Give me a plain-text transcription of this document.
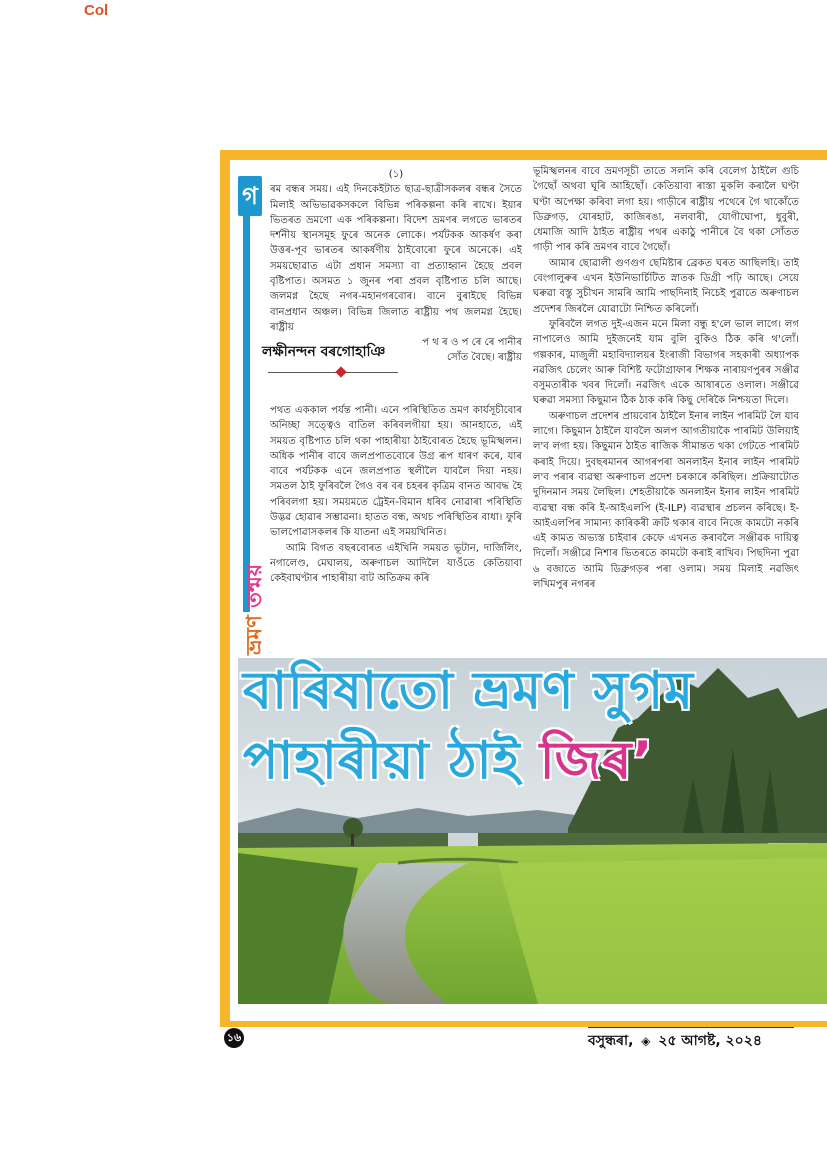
Col
গ
ভ্ৰমণ তন্ময়

(১)

ৰম বন্ধৰ সময়। এই দিনকেইটাত ছাত্ৰ-ছাত্ৰীসকলৰ বন্ধৰ সৈতে মিলাই অভিভাৱকসকলে বিভিন্ন পৰিকল্পনা কৰি ৰাখে। ইয়াৰ ভিতৰত ভ্ৰমণো এক পৰিকল্পনা। বিদেশ ভ্ৰমণৰ লগতে ভাৰতৰ দৰ্শনীয় স্থানসমূহ ফুৰে অনেক লোকে। পৰ্যটকক আকৰ্ষণ কৰা উত্তৰ-পূব ভাৰতৰ আকৰ্ষণীয় ঠাইবোৰো ফুৰে অনেকে। এই সময়ছোৱাত এটা প্ৰধান সমস্যা বা প্ৰত্যাহ্বান হৈছে প্ৰবল বৃষ্টিপাত। অসমত ১ জুনৰ পৰা প্ৰবল বৃষ্টিপাত চলি আছে। জলমগ্ন হৈছে নগৰ-মহানগৰবোৰ। বানে বুৰাইছে বিভিন্ন বানপ্ৰধান অঞ্চল। বিভিন্ন জিলাত ৰাষ্ট্ৰীয় পথ জলমগ্ন হৈছে। ৰাষ্ট্ৰীয়

লক্ষীনন্দন বৰগোহাঞি

প থ ৰ ও প ৰে ৰে পানীৰ সোঁত বৈছে। ৰাষ্ট্ৰীয়

পথত এককাল পৰ্যন্ত পানী। এনে পৰিস্থিতিত ভ্ৰমণ কাৰ্যসূচীবোৰ অনিচ্ছা সত্ত্বেও বাতিল কৰিবলগীয়া হয়। আনহাতে, এই সময়ত বৃষ্টিপাত চলি থকা পাহাৰীয়া ঠাইবোৰত হৈছে ভূমিস্খলন। অধিক পানীৰ বাবে জলপ্ৰপাতবোৰে উগ্ৰ ৰূপ ধাৰণ কৰে, যাৰ বাবে পৰ্যটকক এনে জলপ্ৰপাত স্থলীলৈ যাবলৈ দিয়া নহয়। সমতল ঠাই ফুৰিবলৈ গৈও বৰ বৰ চহৰৰ কৃত্ৰিম বানত আবদ্ধ হৈ পৰিবলগা হয়। সময়মতে ট্ৰেইন-বিমান ধৰিব নোৱাৰা পৰিস্থিতি উদ্ভৱ হোৱাৰ সম্ভাৱনা। হাতত বন্ধ, অথচ পৰিস্থিতিৰ বাধা। ফুৰি ভালপোৱাসকলৰ কি যাতনা এই সময়খিনিত।

আমি বিগত বছৰবোৰত এইখিনি সময়ত ভূটান, দাৰ্জিলিং, নগালেণ্ড, মেঘালয়, অৰুণাচল আদিলৈ যাওঁতে কেতিয়াবা কেইবাঘণ্টাৰ পাহাৰীয়া বাট অতিক্ৰম কৰি

ভূমিস্খলনৰ বাবে ভ্ৰমণসূচী তাতে সলনি কৰি বেলেগ ঠাইলৈ গুচি গৈছোঁ অথবা ঘূৰি আহিছোঁ। কেতিয়াবা ৰাস্তা মুকলি কৰালৈ ঘণ্টা ঘণ্টা অপেক্ষা কৰিবা লগা হয়। গাড়ীৰে ৰাষ্ট্ৰীয় পথেৰে গৈ থাকোঁতে ডিব্ৰুগড়, যোৰহাট, কাজিৰঙা, নলবাৰী, যোগীঘোপা, ধুবুৰী, ধেমাজি আদি ঠাইত ৰাষ্ট্ৰীয় পথৰ একাঠু পানীৰে বৈ থকা সোঁতত গাড়ী পাৰ কৰি ভ্ৰমণৰ বাবে গৈছোঁ।

আমাৰ ছোৱালী গুণগুণ ছেমিষ্টাৰ ব্ৰেকত ঘৰত আছিলহি। তাই বেংগালুৰুৰ এখন ইউনিভাৰ্চিটিত স্নাতক ডিগ্ৰী পঢ়ি আছে। সেয়ে ঘৰুৱা বস্তু সুচীখন সামৰি আমি পাছদিনাই নিচেই পুৱাতে অৰুণাচল প্ৰদেশৰ জিৰলৈ যোৱাটো নিশ্চিত কৰিলোঁ।

ফুৰিবলৈ লগত দুই-এজন মনে মিলা বন্ধু হ'লে ভাল লাগে। লগ নাপালেও আমি দুইজনেই যাম বুলি বুকিও ঠিক কৰি থ'লোঁ। গল্পকাৰ, মাজুলী মহাবিদ্যালয়ৰ ইংৰাজী বিভাগৰ সহকাৰী অধ্যাপক নৱজিৎ চেলেং আৰু বিশিষ্ট ফটোগ্ৰাফাৰ শিক্ষক নাৰায়ণপুৰৰ সঞ্জীৱ বসুমতাৰীক খবৰ দিলোঁ। নৱজিৎ একে আষাৰতে ওলাল। সঞ্জীৱে ঘৰুৱা সমস্যা কিছুমান ঠিক ঠাক কৰি কিছু দেৰিকৈ নিশ্চয়তা দিলে।

অৰুণাচল প্ৰদেশৰ প্ৰায়বোৰ ঠাইলৈ ইনাৰ লাইন পাৰমিট লৈ যাব লাগে। কিছুমান ঠাইলৈ যাবলৈ অলপ আগতীয়াকৈ পাৰমিট উলিয়াই ল'ব লগা হয়। কিছুমান ঠাইত ৰাজিক সীমান্তত থকা গেটতে পাৰমিট কৰাই দিয়ে। দুবছৰমানৰ আগৰপৰা অনলাইন ইনাৰ লাইন পাৰমিট ল'ব পৰাৰ ব্যৱস্থা অৰুণাচল প্ৰদেশ চৰকাৰে কৰিছিল। প্ৰক্ৰিয়াটোত দুদিনমান সময় লৈছিল। শেহতীয়াকৈ অনলাইন ইনাৰ লাইন পাৰমিট ব্যৱস্থা বন্ধ কৰি ই-আইএলপি (ই-ILP) ব্যৱস্থাৰ প্ৰচলন কৰিছে। ই-আইএলপিৰ সামান্য কাৰিকৰী ক্ৰটি থকাৰ বাবে নিজে কামটো নকৰি এই কামত অভ্যস্ত চাইবাৰ কেফে এখনত কৰাবলৈ সঞ্জীৱক দায়িত্ব দিলোঁ। সঞ্জীৱে নিশাৰ ভিতৰতে কামটো কৰাই ৰাখিব। পিছদিনা পুৱা ৬ বজাতে আমি ডিব্ৰুগড়ৰ পৰা ওলাম। সময় মিলাই নৱজিৎ লখিমপুৰ নগৰৰ

বাৰিষাতো ভ্ৰমণ সুগম
পাহাৰীয়া ঠাই জিৰ’
১৬	বসুন্ধৰা, ◈ ২৫ আগষ্ট, ২০২৪
